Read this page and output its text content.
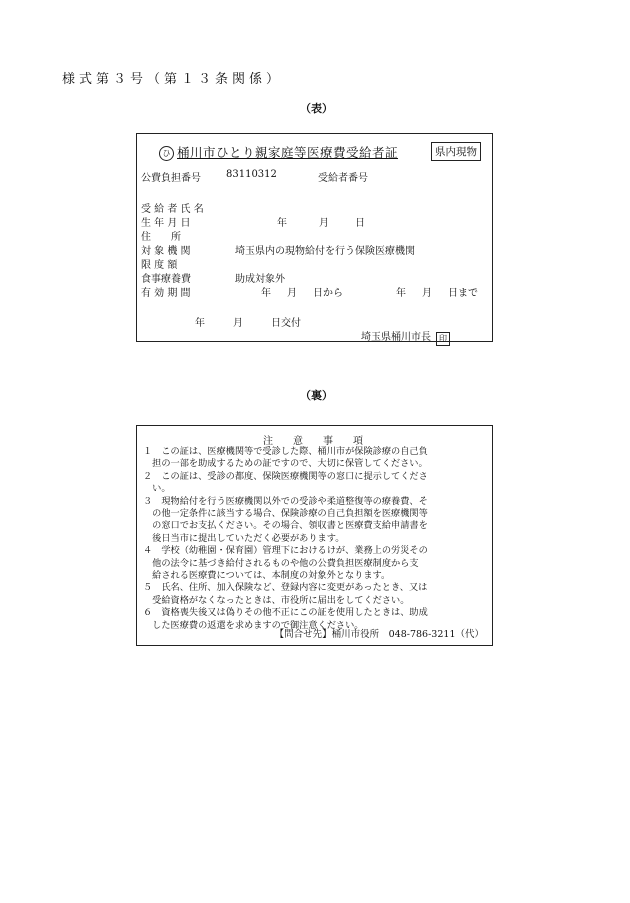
様式第３号（第１３条関係）
（表）
ひ 桶川市ひとり親家庭等医療費受給者証	県内現物
公費負担番号	83110312	受給者番号
受 給 者 氏 名
生 年 月 日	年	月	日
住　　所
対 象 機 関	埼玉県内の現物給付を行う保険医療機関
限 度 額
食事療養費	助成対象外
有 効 期 間	年 月 日から	年 月 日まで
年	月	日交付
埼玉県桶川市長 印
（裏）
注　　意　　事　　項

１　この証は、医療機関等で受診した際、桶川市が保険診療の自己負

　担の一部を助成するための証ですので、大切に保管してください。

２　この証は、受診の都度、保険医療機関等の窓口に提示してくださ

　い。

３　現物給付を行う医療機関以外での受診や柔道整復等の療養費、そ

　の他一定条件に該当する場合、保険診療の自己負担額を医療機関等

　の窓口でお支払ください。その場合、領収書と医療費支給申請書を

　後日当市に提出していただく必要があります。

４　学校（幼稚園・保育園）管理下におけるけが、業務上の労災その

　他の法令に基づき給付されるものや他の公費負担医療制度から支

　給される医療費については、本制度の対象外となります。

５　氏名、住所、加入保険など、登録内容に変更があったとき、又は

　受給資格がなくなったときは、市役所に届出をしてください。

６　資格喪失後又は偽りその他不正にこの証を使用したときは、助成

　した医療費の返還を求めますので御注意ください。

【問合せ先】桶川市役所　048-786-3211（代）
